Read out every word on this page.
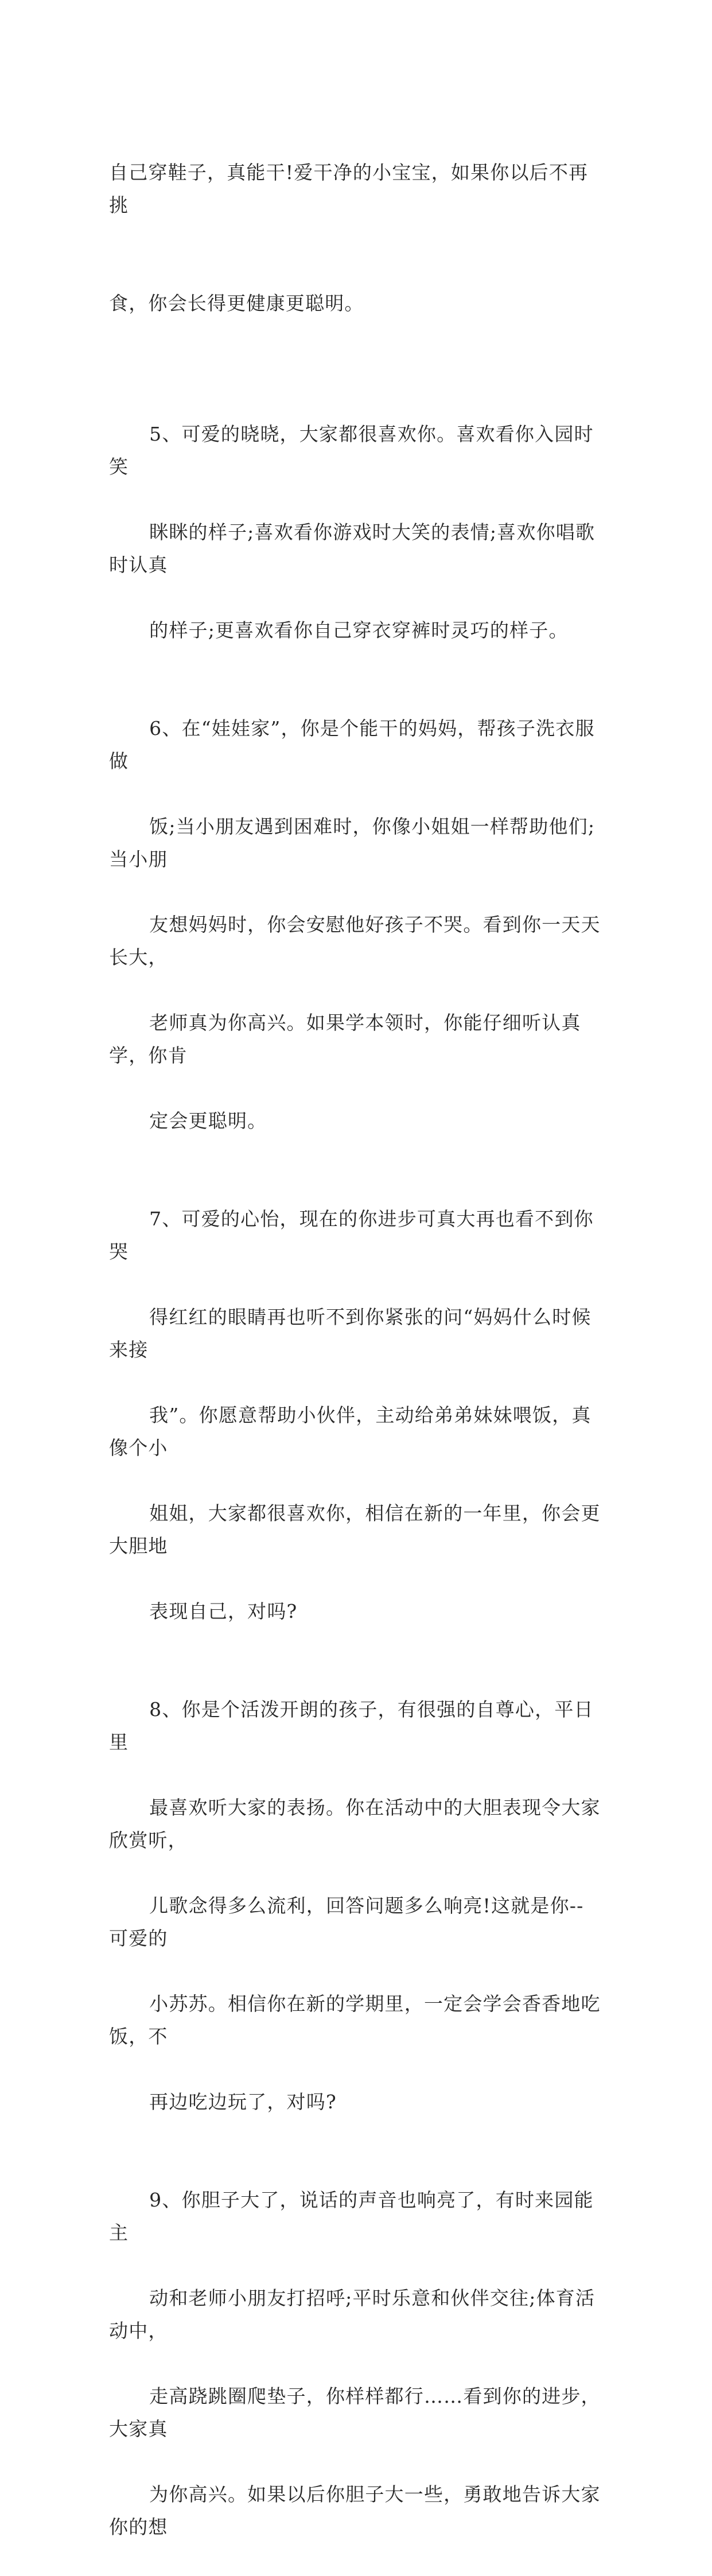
自己穿鞋子，真能干!爱干净的小宝宝，如果你以后不再挑

食，你会长得更健康更聪明。

5、可爱的晓晓，大家都很喜欢你。喜欢看你入园时笑

眯眯的样子;喜欢看你游戏时大笑的表情;喜欢你唱歌时认真

的样子;更喜欢看你自己穿衣穿裤时灵巧的样子。

6、在“娃娃家”，你是个能干的妈妈，帮孩子洗衣服做

饭;当小朋友遇到困难时，你像小姐姐一样帮助他们;当小朋

友想妈妈时，你会安慰他好孩子不哭。看到你一天天长大，

老师真为你高兴。如果学本领时，你能仔细听认真学，你肯

定会更聪明。

7、可爱的心怡，现在的你进步可真大再也看不到你哭

得红红的眼睛再也听不到你紧张的问“妈妈什么时候来接

我”。你愿意帮助小伙伴，主动给弟弟妹妹喂饭，真像个小

姐姐，大家都很喜欢你，相信在新的一年里，你会更大胆地

表现自己，对吗?

8、你是个活泼开朗的孩子，有很强的自尊心，平日里

最喜欢听大家的表扬。你在活动中的大胆表现令大家欣赏听，

儿歌念得多么流利，回答问题多么响亮!这就是你--可爱的

小苏苏。相信你在新的学期里，一定会学会香香地吃饭，不

再边吃边玩了，对吗?

9、你胆子大了，说话的声音也响亮了，有时来园能主

动和老师小朋友打招呼;平时乐意和伙伴交往;体育活动中，

走高跷跳圈爬垫子，你样样都行……看到你的进步，大家真

为你高兴。如果以后你胆子大一些，勇敢地告诉大家你的想
